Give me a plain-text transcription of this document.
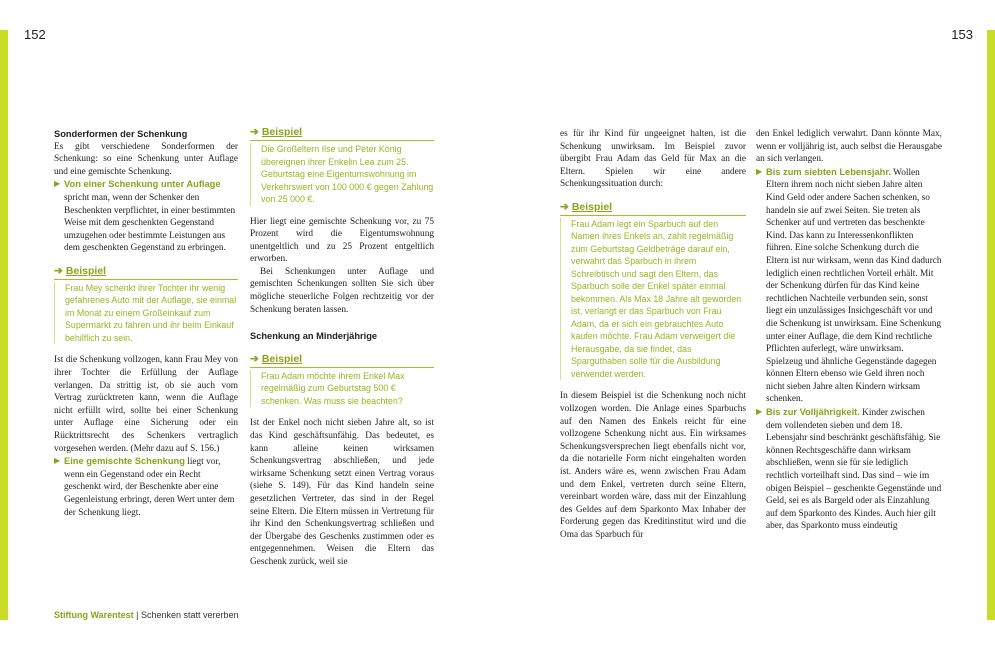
152	153
Sonderformen der Schenkung

Es gibt verschiedene Sonderformen der Schenkung: so eine Schenkung unter Auflage und eine gemischte Schenkung.

▶ Von einer Schenkung unter Auflage spricht man, wenn der Schenker den Beschenkten verpflichtet, in einer bestimmten Weise mit dem geschenkten Gegenstand umzugehen oder bestimmte Leistungen aus dem geschenkten Gegenstand zu erbringen.
➔ Beispiel
Frau Mey schenkt ihrer Tochter ihr wenig gefahrenes Auto mit der Auflage, sie einmal im Monat zu einem Großeinkauf zum Supermarkt zu fahren und ihr beim Einkauf behilflich zu sein.

Ist die Schenkung vollzogen, kann Frau Mey von ihrer Tochter die Erfüllung der Auflage verlangen. Da strittig ist, ob sie auch vom Vertrag zurücktreten kann, wenn die Auflage nicht erfüllt wird, sollte bei einer Schenkung unter Auflage eine Sicherung oder ein Rücktrittsrecht des Schenkers vertraglich vorgesehen werden. (Mehr dazu auf S. 156.)

▶ Eine gemischte Schenkung liegt vor, wenn ein Gegenstand oder ein Recht geschenkt wird, der Beschenkte aber eine Gegenleistung erbringt, deren Wert unter dem der Schenkung liegt.
➔ Beispiel
Die Großeltern Ilse und Peter König übereignen ihrer Enkelin Lea zum 25. Geburtstag eine Eigentumswohnung im Verkehrswert von 100 000 € gegen Zahlung von 25 000 €.

Hier liegt eine gemischte Schenkung vor, zu 75 Prozent wird die Eigentumswohnung unentgeltlich und zu 25 Prozent entgeltlich erworben.

Bei Schenkungen unter Auflage und gemischten Schenkungen sollten Sie sich über mögliche steuerliche Folgen rechtzeitig vor der Schenkung beraten lassen.

Schenkung an Minderjährige
➔ Beispiel
Frau Adam möchte ihrem Enkel Max regelmäßig zum Geburtstag 500 € schenken. Was muss sie beachten?

Ist der Enkel noch nicht sieben Jahre alt, so ist das Kind geschäftsunfähig. Das bedeutet, es kann alleine keinen wirksamen Schenkungsvertrag abschließen, und jede wirksame Schenkung setzt einen Vertrag voraus (siehe S. 149). Für das Kind handeln seine gesetzlichen Vertreter, das sind in der Regel seine Eltern. Die Eltern müssen in Vertretung für ihr Kind den Schenkungsvertrag schließen und der Übergabe des Geschenks zustimmen oder es entgegennehmen. Weisen die Eltern das Geschenk zurück, weil sie

es für ihr Kind für ungeeignet halten, ist die Schenkung unwirksam. Im Beispiel zuvor übergibt Frau Adam das Geld für Max an die Eltern. Spielen wir eine andere Schenkungssituation durch:

➔ Beispiel
Frau Adam legt ein Sparbuch auf den Namen ihres Enkels an, zahlt regelmäßig zum Geburtstag Geldbeträge darauf ein, verwahrt das Sparbuch in ihrem Schreibtisch und sagt den Eltern, das Sparbuch solle der Enkel später einmal bekommen. Als Max 18 Jahre alt geworden ist, verlangt er das Sparbuch von Frau Adam, da er sich ein gebrauchtes Auto kaufen möchte. Frau Adam verweigert die Herausgabe, da sie findet, das Sparguthaben solle für die Ausbildung verwendet werden.

In diesem Beispiel ist die Schenkung noch nicht vollzogen worden. Die Anlage eines Sparbuchs auf den Namen des Enkels reicht für eine vollzogene Schenkung nicht aus. Ein wirksames Schenkungsversprechen liegt ebenfalls nicht vor, da die notarielle Form nicht eingehalten worden ist. Anders wäre es, wenn zwischen Frau Adam und dem Enkel, vertreten durch seine Eltern, vereinbart worden wäre, dass mit der Einzahlung des Geldes auf dem Sparkonto Max Inhaber der Forderung gegen das Kreditinstitut wird und die Oma das Sparbuch für

den Enkel lediglich verwahrt. Dann könnte Max, wenn er volljährig ist, auch selbst die Herausgabe an sich verlangen.

▶ Bis zum siebten Lebensjahr. Wollen Eltern ihrem noch nicht sieben Jahre alten Kind Geld oder andere Sachen schenken, so handeln sie auf zwei Seiten. Sie treten als Schenker auf und vertreten das beschenkte Kind. Das kann zu Interessenkonflikten führen. Eine solche Schenkung durch die Eltern ist nur wirksam, wenn das Kind dadurch lediglich einen rechtlichen Vorteil erhält. Mit der Schenkung dürfen für das Kind keine rechtlichen Nachteile verbunden sein, sonst liegt ein unzulässiges Insichgeschäft vor und die Schenkung ist unwirksam. Eine Schenkung unter einer Auflage, die dem Kind rechtliche Pflichten auferlegt, wäre unwirksam. Spielzeug und ähnliche Gegenstände dagegen können Eltern ebenso wie Geld ihren noch nicht sieben Jahre alten Kindern wirksam schenken.
▶ Bis zur Volljährigkeit. Kinder zwischen dem vollendeten sieben und dem 18. Lebensjahr sind beschränkt geschäftsfähig. Sie können Rechtsgeschäfte dann wirksam abschließen, wenn sie für sie lediglich rechtlich vorteilhaft sind. Das sind – wie im obigen Beispiel – geschenkte Gegenstände und Geld, sei es als Bargeld oder als Einzahlung auf dem Sparkonto des Kindes. Auch hier gilt aber, das Sparkonto muss eindeutig
Stiftung Warentest | Schenken statt vererben
